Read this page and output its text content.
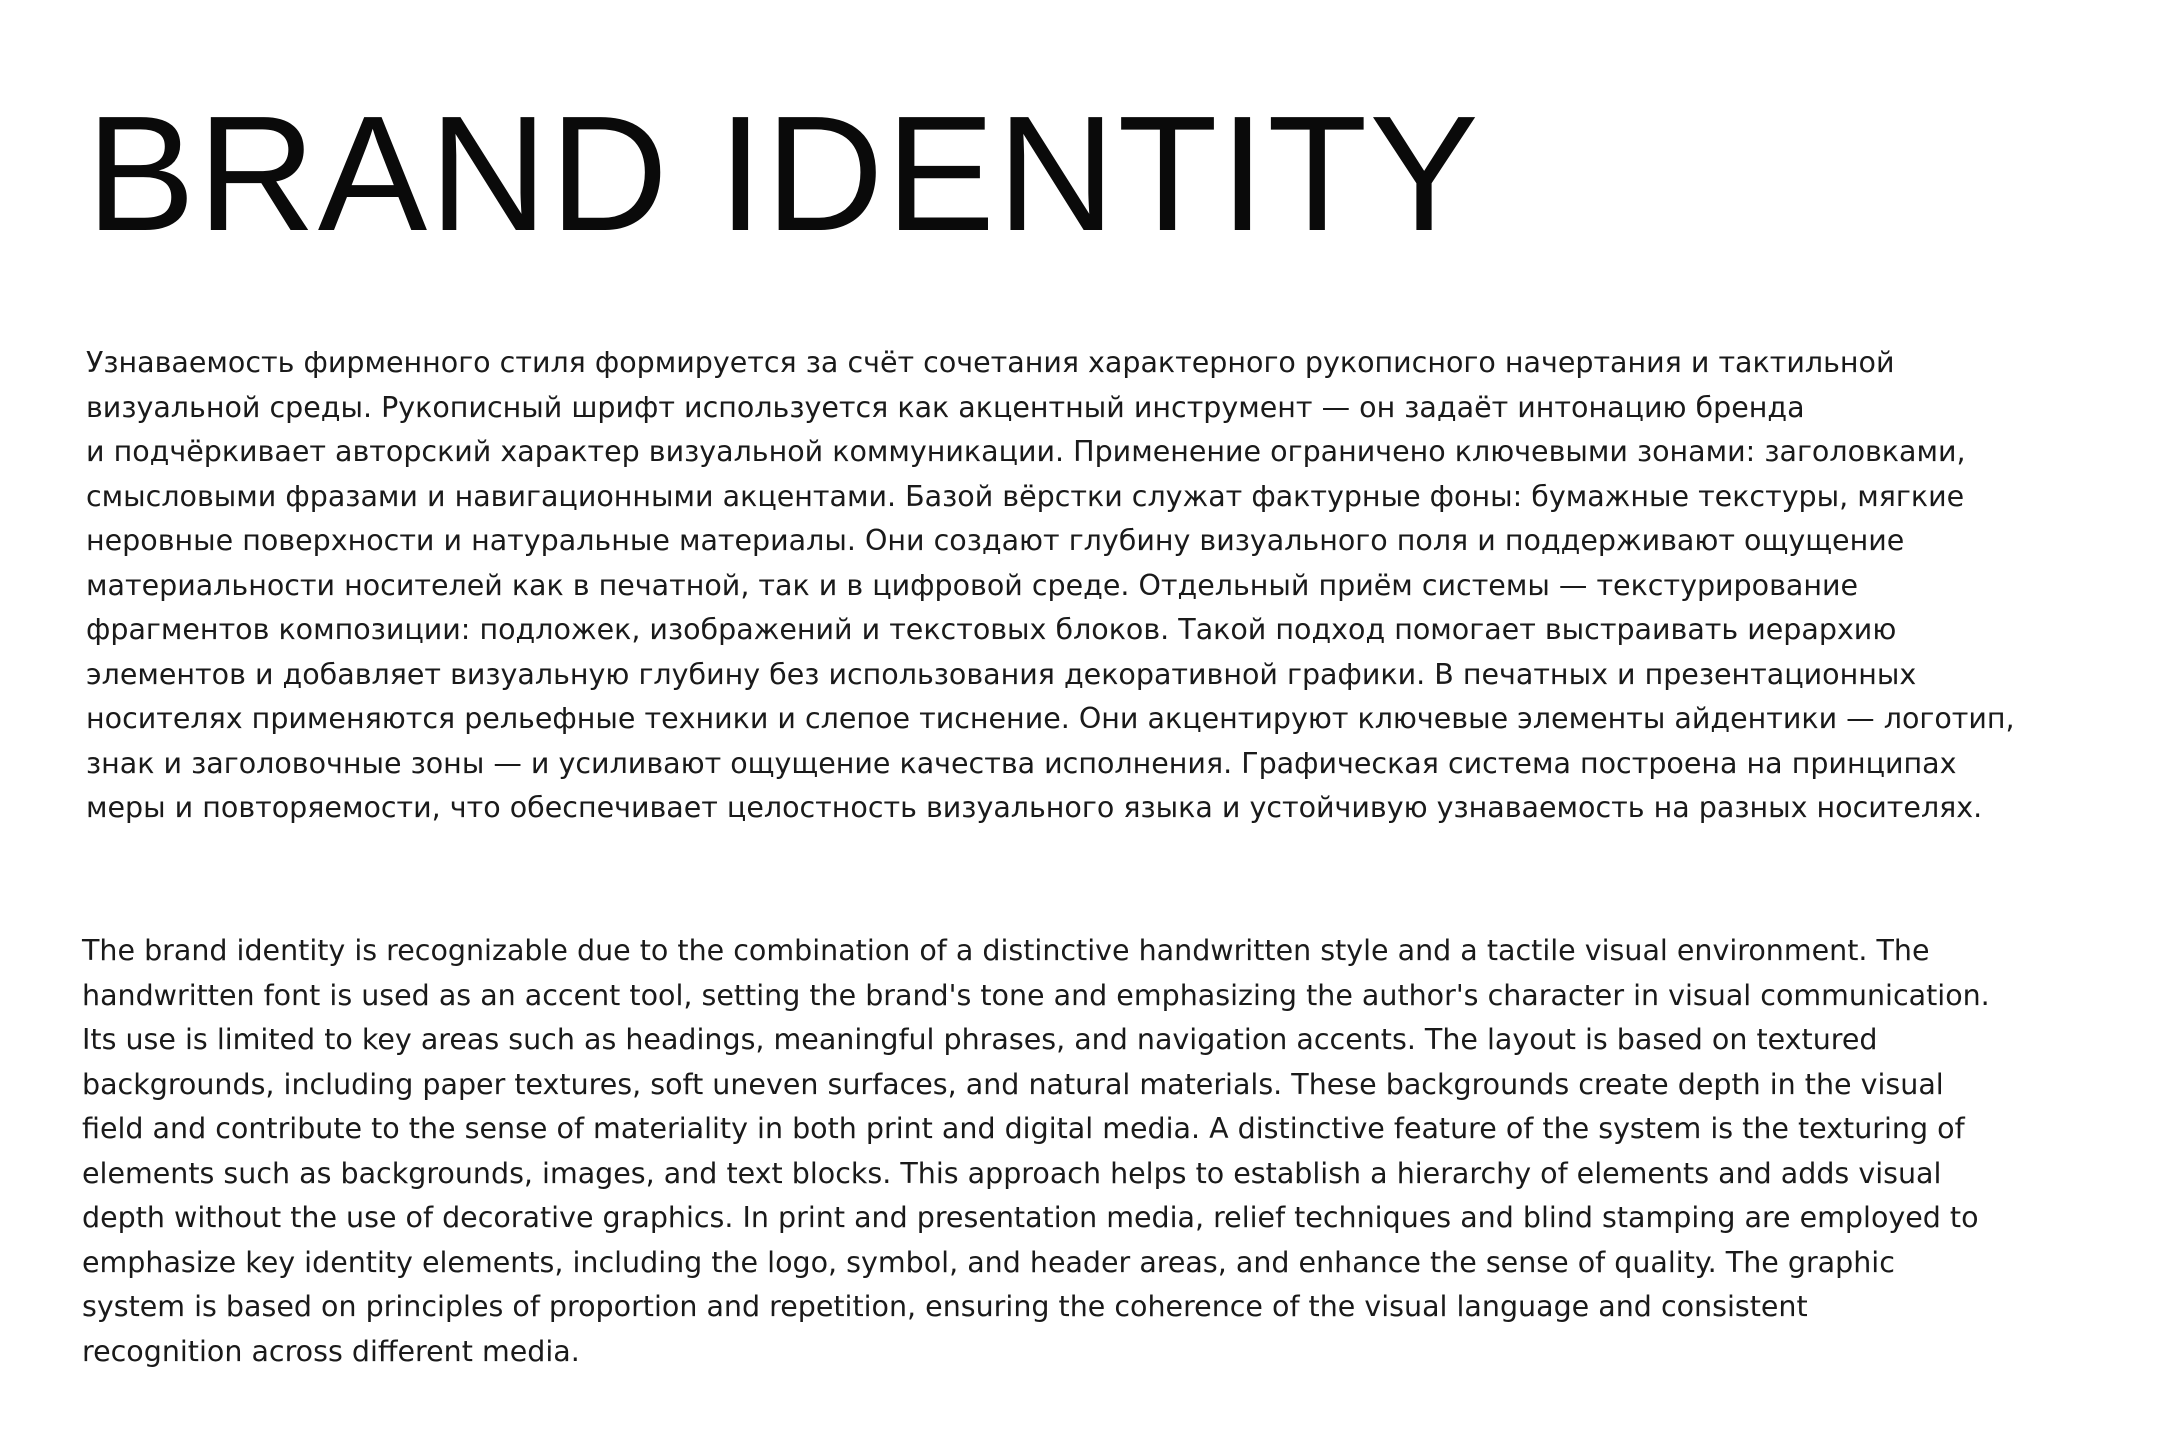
BRAND IDENTITY

Узнаваемость фирменного стиля формируется за счёт сочетания характерного рукописного начертания и тактильной
визуальной среды. Рукописный шрифт используется как акцентный инструмент — он задаёт интонацию бренда
и подчёркивает авторский характер визуальной коммуникации. Применение ограничено ключевыми зонами: заголовками,
смысловыми фразами и навигационными акцентами. Базой вёрстки служат фактурные фоны: бумажные текстуры, мягкие
неровные поверхности и натуральные материалы. Они создают глубину визуального поля и поддерживают ощущение
материальности носителей как в печатной, так и в цифровой среде. Отдельный приём системы — текстурирование
фрагментов композиции: подложек, изображений и текстовых блоков. Такой подход помогает выстраивать иерархию
элементов и добавляет визуальную глубину без использования декоративной графики. В печатных и презентационных
носителях применяются рельефные техники и слепое тиснение. Они акцентируют ключевые элементы айдентики — логотип,
знак и заголовочные зоны — и усиливают ощущение качества исполнения. Графическая система построена на принципах
меры и повторяемости, что обеспечивает целостность визуального языка и устойчивую узнаваемость на разных носителях.

The brand identity is recognizable due to the combination of a distinctive handwritten style and a tactile visual environment. The
handwritten font is used as an accent tool, setting the brand's tone and emphasizing the author's character in visual communication.
Its use is limited to key areas such as headings, meaningful phrases, and navigation accents. The layout is based on textured
backgrounds, including paper textures, soft uneven surfaces, and natural materials. These backgrounds create depth in the visual
field and contribute to the sense of materiality in both print and digital media. A distinctive feature of the system is the texturing of
elements such as backgrounds, images, and text blocks. This approach helps to establish a hierarchy of elements and adds visual
depth without the use of decorative graphics. In print and presentation media, relief techniques and blind stamping are employed to
emphasize key identity elements, including the logo, symbol, and header areas, and enhance the sense of quality. The graphic
system is based on principles of proportion and repetition, ensuring the coherence of the visual language and consistent
recognition across different media.
